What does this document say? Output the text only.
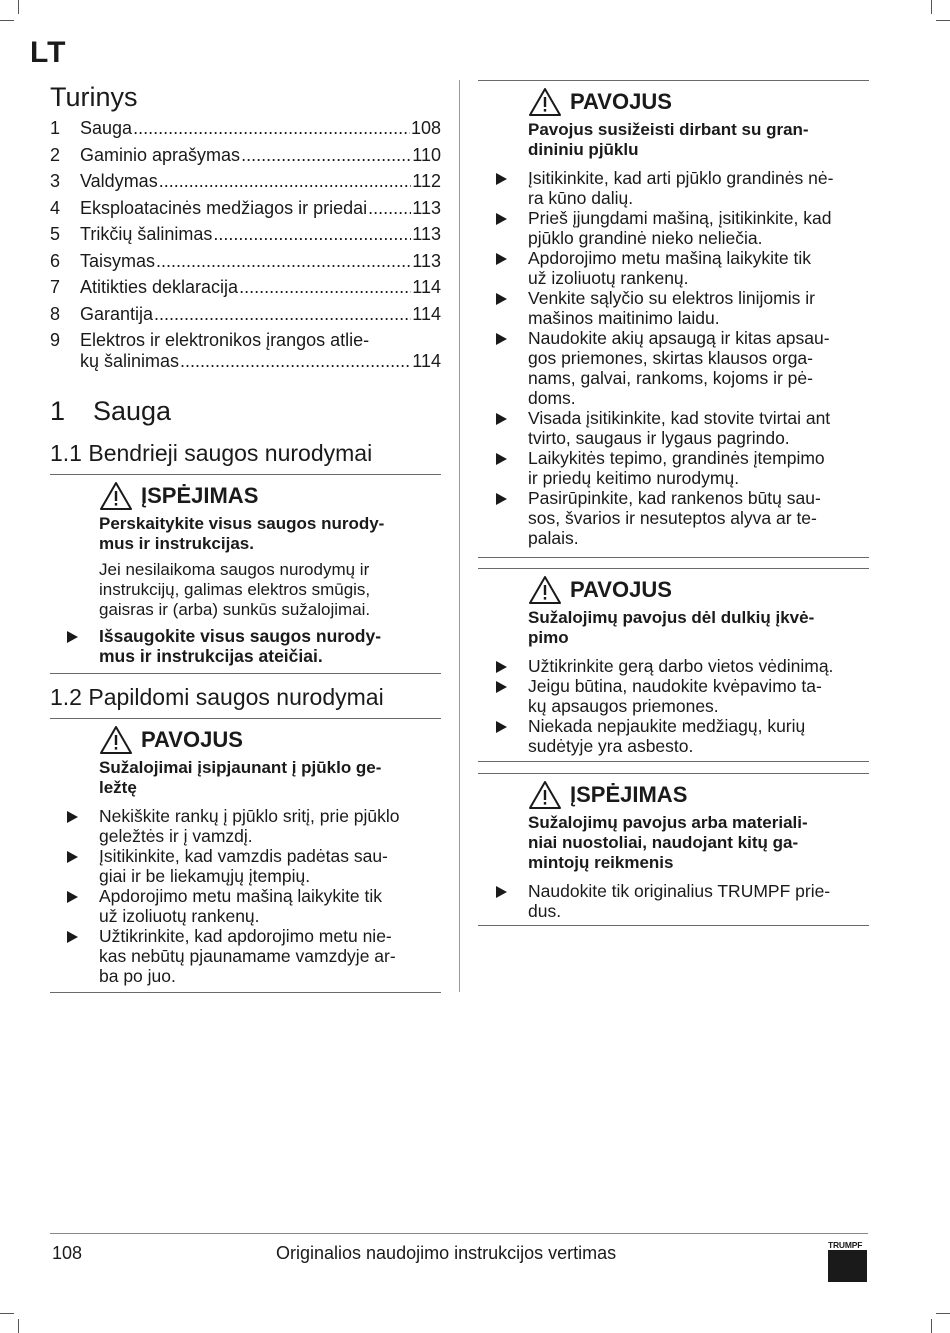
LT
Turinys
1	Sauga .....	108
2	Gaminio aprašymas .....	110
3	Valdymas .....	112
4	Eksploatacinės medžiagos ir priedai .....	113
5	Trikčių šalinimas .....	113
6	Taisymas .....	113
7	Atitikties deklaracija .....	114
8	Garantija .....	114
9	Elektros ir elektronikos įrangos atlie-
kų šalinimas .....	114
1 Sauga
1.1 Bendrieji saugos nurodymai
ĮSPĖJIMAS
Perskaitykite visus saugos nurody-
mus ir instrukcijas.
Jei nesilaikoma saugos nurodymų ir
instrukcijų, galimas elektros smūgis,
gaisras ir (arba) sunkūs sužalojimai.
Išsaugokite visus saugos nurody-
mus ir instrukcijas ateičiai.
1.2 Papildomi saugos nurodymai
PAVOJUS
Sužalojimai įsipjaunant į pjūklo ge-
ležtę
Nekiškite rankų į pjūklo sritį, prie pjūklo
geležtės ir į vamzdį.
Įsitikinkite, kad vamzdis padėtas sau-
giai ir be liekamųjų įtempių.
Apdorojimo metu mašiną laikykite tik
už izoliuotų rankenų.
Užtikrinkite, kad apdorojimo metu nie-
kas nebūtų pjaunamame vamzdyje ar-
ba po juo.
PAVOJUS
Pavojus susižeisti dirbant su gran-
dininiu pjūklu
Įsitikinkite, kad arti pjūklo grandinės nė-
ra kūno dalių.
Prieš įjungdami mašiną, įsitikinkite, kad
pjūklo grandinė nieko neliečia.
Apdorojimo metu mašiną laikykite tik
už izoliuotų rankenų.
Venkite sąlyčio su elektros linijomis ir
mašinos maitinimo laidu.
Naudokite akių apsaugą ir kitas apsau-
gos priemones, skirtas klausos orga-
nams, galvai, rankoms, kojoms ir pė-
doms.
Visada įsitikinkite, kad stovite tvirtai ant
tvirto, saugaus ir lygaus pagrindo.
Laikykitės tepimo, grandinės įtempimo
ir priedų keitimo nurodymų.
Pasirūpinkite, kad rankenos būtų sau-
sos, švarios ir nesuteptos alyva ar te-
palais.
PAVOJUS
Sužalojimų pavojus dėl dulkių įkvė-
pimo
Užtikrinkite gerą darbo vietos vėdinimą.
Jeigu būtina, naudokite kvėpavimo ta-
kų apsaugos priemones.
Niekada nepjaukite medžiagų, kurių
sudėtyje yra asbesto.
ĮSPĖJIMAS
Sužalojimų pavojus arba materiali-
niai nuostoliai, naudojant kitų ga-
mintojų reikmenis
Naudokite tik originalius TRUMPF prie-
dus.
108	Originalios naudojimo instrukcijos vertimas	TRUMPF
